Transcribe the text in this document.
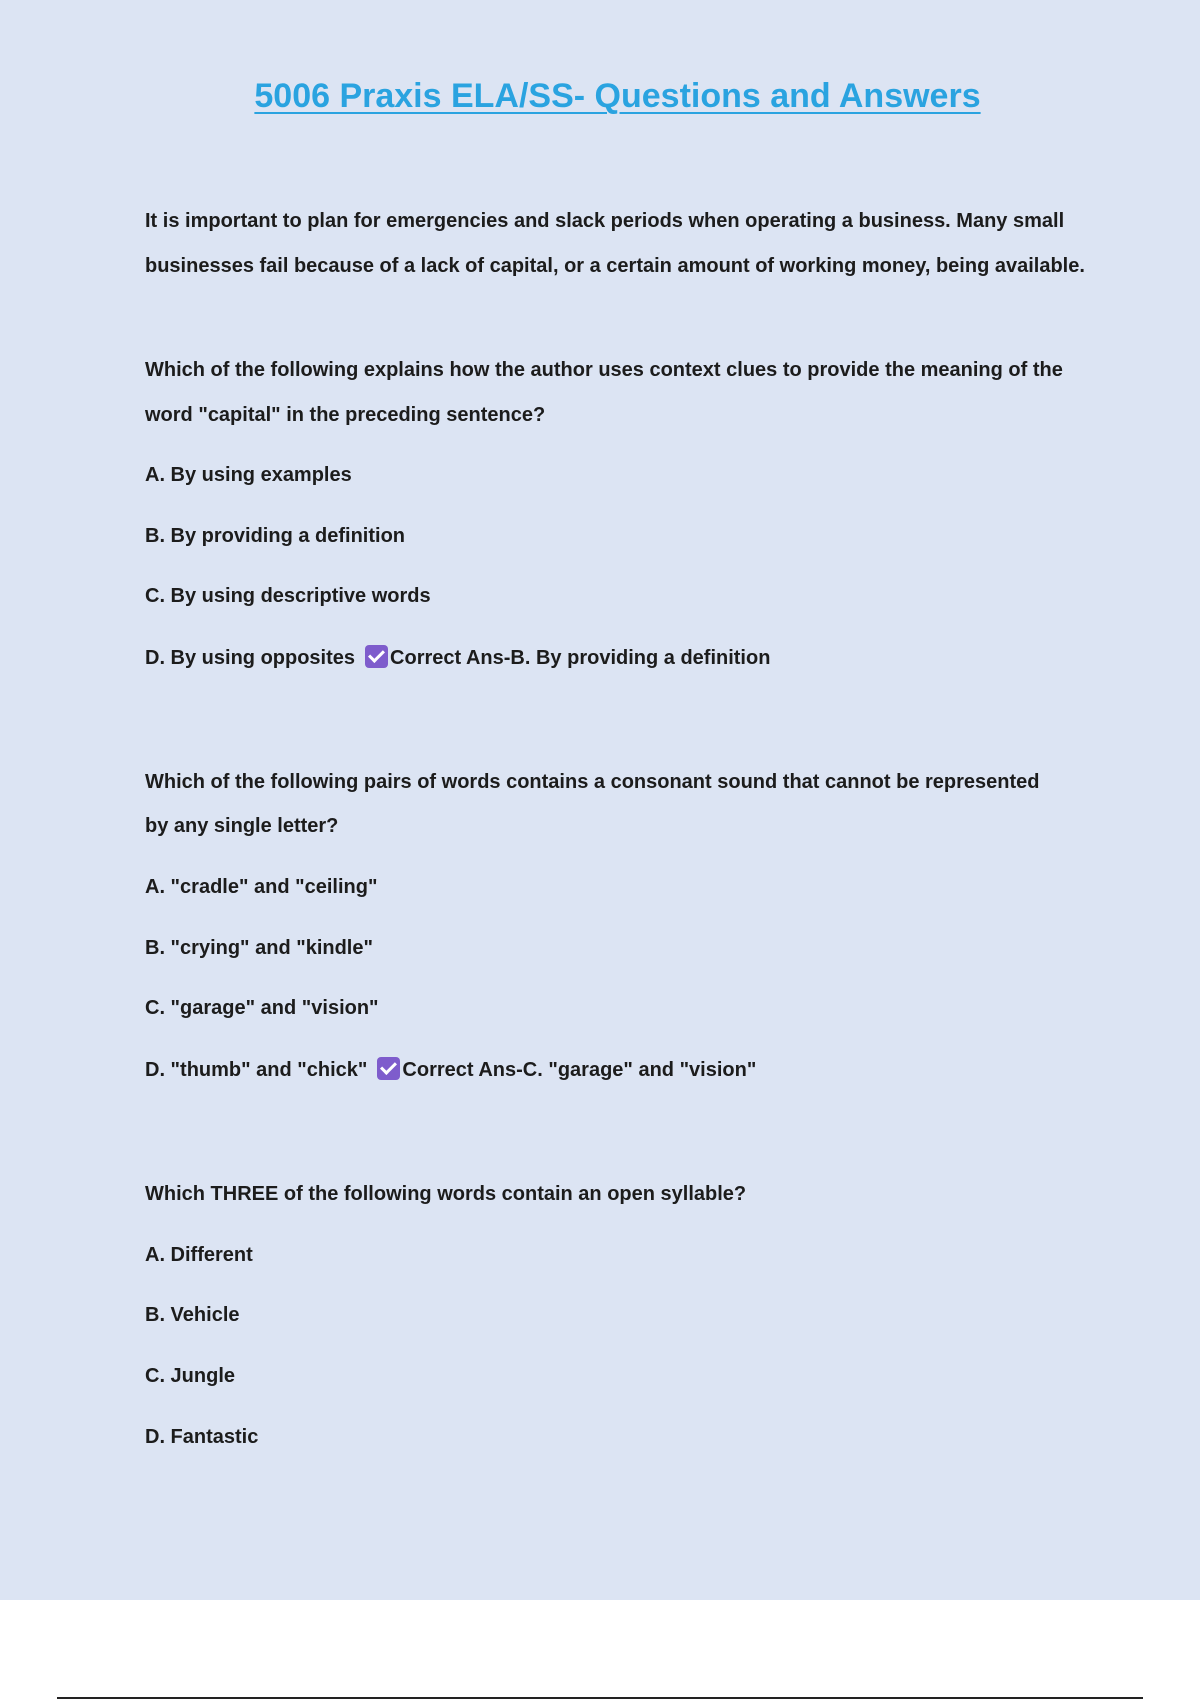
5006 Praxis ELA/SS- Questions and Answers

It is important to plan for emergencies and slack periods when operating a business. Many small businesses fail because of a lack of capital, or a certain amount of working money, being available.

Which of the following explains how the author uses context clues to provide the meaning of the word "capital" in the preceding sentence?

A. By using examples
B. By providing a definition
C. By using descriptive words
D. By using opposites Correct Ans-B. By providing a definition

Which of the following pairs of words contains a consonant sound that cannot be represented

by any single letter?

A. "cradle" and "ceiling"
B. "crying" and "kindle"
C. "garage" and "vision"
D. "thumb" and "chick" Correct Ans-C. "garage" and "vision"
Which THREE of the following words contain an open syllable?
A. Different
B. Vehicle
C. Jungle
D. Fantastic
